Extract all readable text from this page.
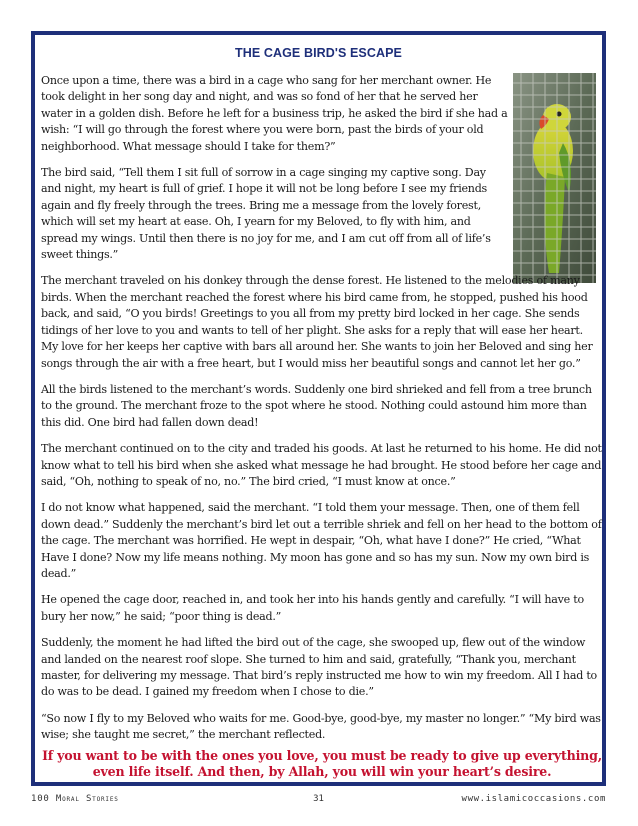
THE CAGE BIRD'S ESCAPE

Once upon a time, there was a bird in a cage who sang for her merchant owner. He took delight in her song day and night, and was so fond of her that he served her water in a golden dish. Before he left for a business trip, he asked the bird if she had a wish: “I will go through the forest where you were born, past the birds of your old neighborhood. What message should I take for them?”

The bird said, “Tell them I sit full of sorrow in a cage singing my captive song. Day and night, my heart is full of grief. I hope it will not be long before I see my friends again and fly freely through the trees. Bring me a message from the lovely forest, which will set my heart at ease. Oh, I yearn for my Beloved, to fly with him, and spread my wings. Until then there is no joy for me, and I am cut off from all of life’s sweet things.”

The merchant traveled on his donkey through the dense forest. He listened to the melodies of many birds. When the merchant reached the forest where his bird came from, he stopped, pushed his hood back, and said, “O you birds! Greetings to you all from my pretty bird locked in her cage. She sends tidings of her love to you and wants to tell of her plight. She asks for a reply that will ease her heart. My love for her keeps her captive with bars all around her. She wants to join her Beloved and sing her songs through the air with a free heart, but I would miss her beautiful songs and cannot let her go.”

All the birds listened to the merchant’s words. Suddenly one bird shrieked and fell from a tree brunch to the ground. The merchant froze to the spot where he stood. Nothing could astound him more than this did. One bird had fallen down dead!

The merchant continued on to the city and traded his goods. At last he returned to his home. He did not know what to tell his bird when she asked what message he had brought. He stood before her cage and said, “Oh, nothing to speak of no, no.” The bird cried, “I must know at once.”

I do not know what happened, said the merchant. “I told them your message. Then, one of them fell down dead.” Suddenly the merchant’s bird let out a terrible shriek and fell on her head to the bottom of the cage. The merchant was horrified. He wept in despair, “Oh, what have I done?” He cried, “What Have I done? Now my life means nothing. My moon has gone and so has my sun. Now my own bird is dead.”

He opened the cage door, reached in, and took her into his hands gently and carefully. “I will have to bury her now,” he said; “poor thing is dead.”

Suddenly, the moment he had lifted the bird out of the cage, she swooped up, flew out of the window and landed on the nearest roof slope. She turned to him and said, gratefully, “Thank you, merchant master, for delivering my message. That bird’s reply instructed me how to win my freedom. All I had to do was to be dead. I gained my freedom when I chose to die.”

“So now I fly to my Beloved who waits for me. Good-bye, good-bye, my master no longer.” “My bird was wise; she taught me secret,” the merchant reflected.

If you want to be with the ones you love, you must be ready to give up everything, even life itself. And then, by Allah, you will win your heart’s desire.
100 Moral Stories	31	www.islamicoccasions.com
